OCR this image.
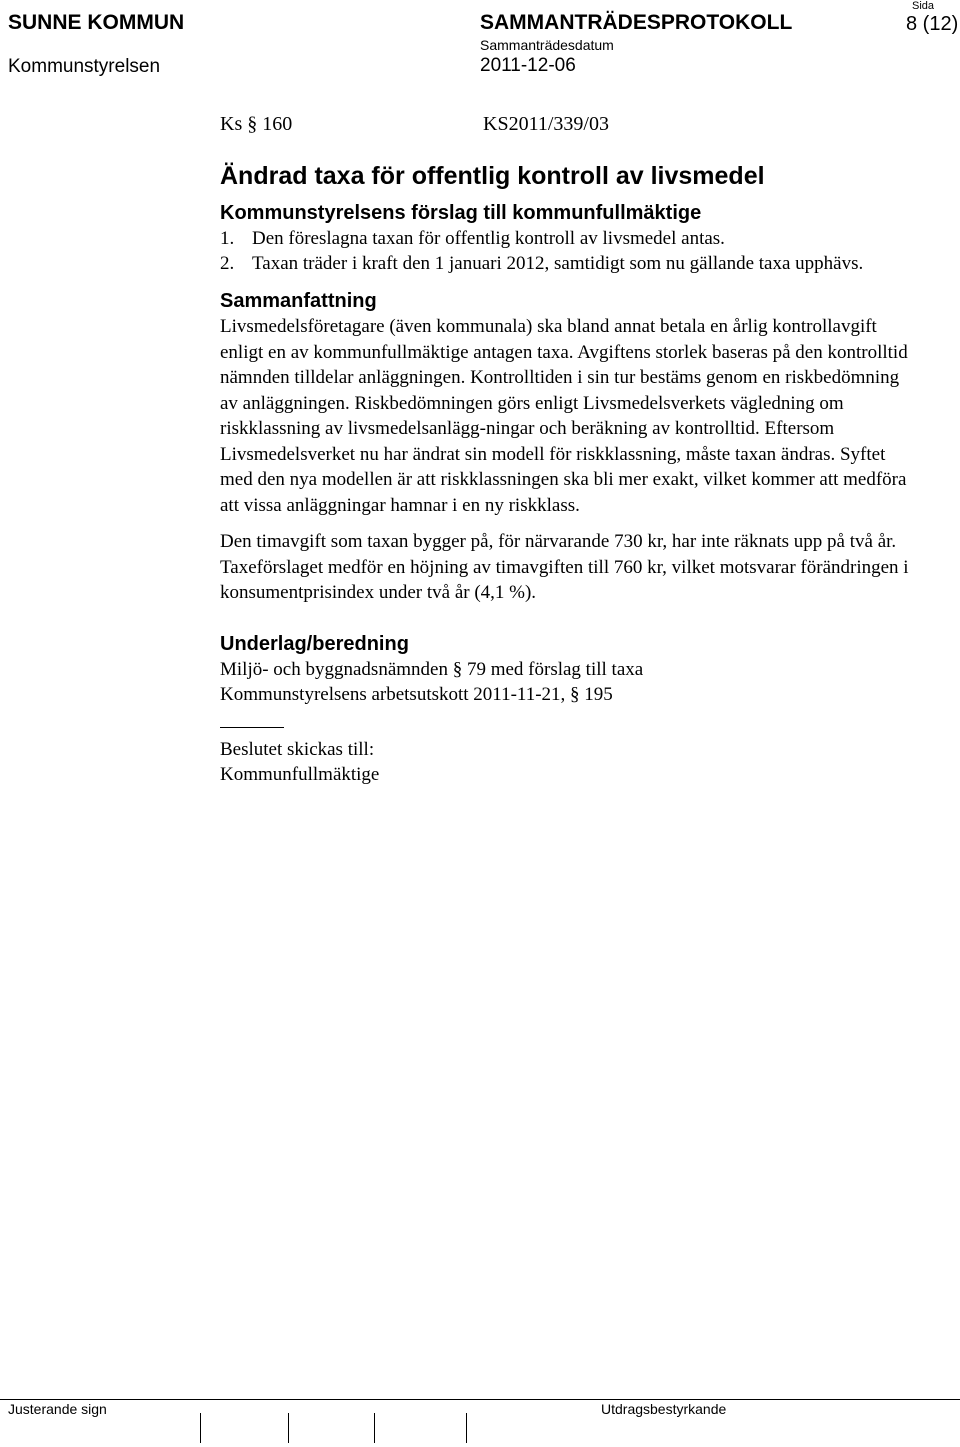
SUNNE KOMMUN
Kommunstyrelsen
SAMMANTRÄDESPROTOKOLL
Sammanträdesdatum
2011-12-06
Sida
8 (12)
Ks § 160	KS2011/339/03
Ändrad taxa för offentlig kontroll av livsmedel
Kommunstyrelsens förslag till kommunfullmäktige
1. Den föreslagna taxan för offentlig kontroll av livsmedel antas.
2. Taxan träder i kraft den 1 januari 2012, samtidigt som nu gällande taxa upphävs.
Sammanfattning

Livsmedelsföretagare (även kommunala) ska bland annat betala en årlig kontrollavgift enligt en av kommunfullmäktige antagen taxa. Avgiftens storlek baseras på den kontrolltid nämnden tilldelar anläggningen. Kontrolltiden i sin tur bestäms genom en riskbedömning av anläggningen. Riskbedömningen görs enligt Livsmedelsverkets vägledning om riskklassning av livsmedelsanlägg-ningar och beräkning av kontrolltid. Eftersom Livsmedelsverket nu har ändrat sin modell för riskklassning, måste taxan ändras. Syftet med den nya modellen är att riskklassningen ska bli mer exakt, vilket kommer att medföra att vissa anläggningar hamnar i en ny riskklass.

Den timavgift som taxan bygger på, för närvarande 730 kr, har inte räknats upp på två år. Taxeförslaget medför en höjning av timavgiften till 760 kr, vilket motsvarar förändringen i konsumentprisindex under två år (4,1 %).

Underlag/beredning
Miljö- och byggnadsnämnden § 79 med förslag till taxa
Kommunstyrelsens arbetsutskott 2011-11-21, § 195
Beslutet skickas till:
Kommunfullmäktige
Justerande sign	Utdragsbestyrkande
